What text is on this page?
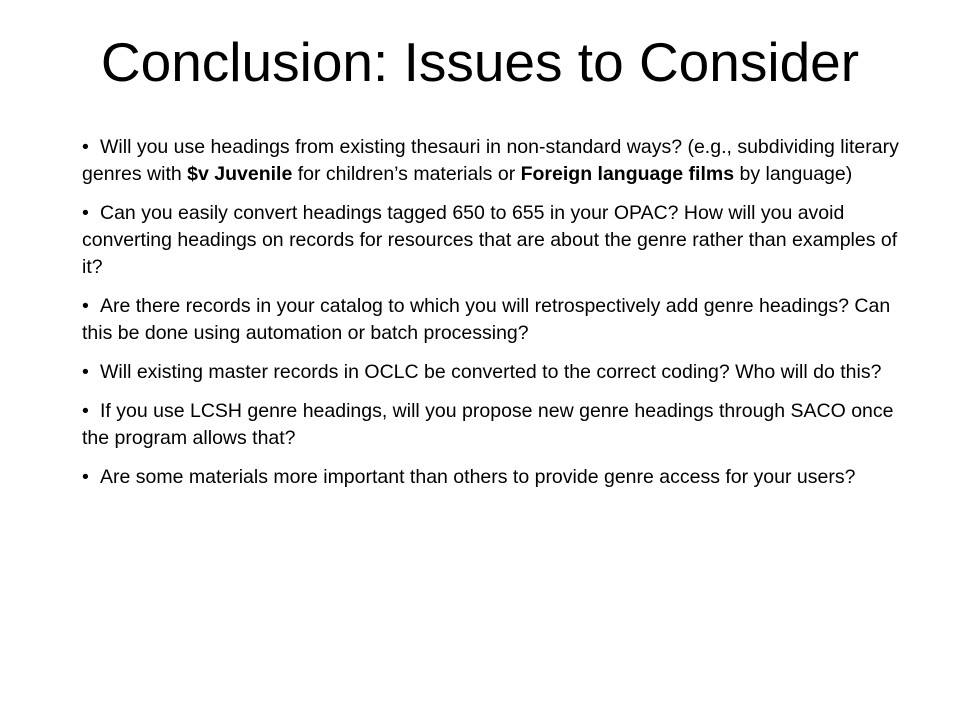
Conclusion: Issues to Consider
• Will you use headings from existing thesauri in non-standard ways? (e.g., subdividing literary genres with $v Juvenile for children’s materials or Foreign language films by language)
• Can you easily convert headings tagged 650 to 655 in your OPAC? How will you avoid converting headings on records for resources that are about the genre rather than examples of it?
• Are there records in your catalog to which you will retrospectively add genre headings? Can this be done using automation or batch processing?
• Will existing master records in OCLC be converted to the correct coding? Who will do this?
• If you use LCSH genre headings, will you propose new genre headings through SACO once the program allows that?
• Are some materials more important than others to provide genre access for your users?
